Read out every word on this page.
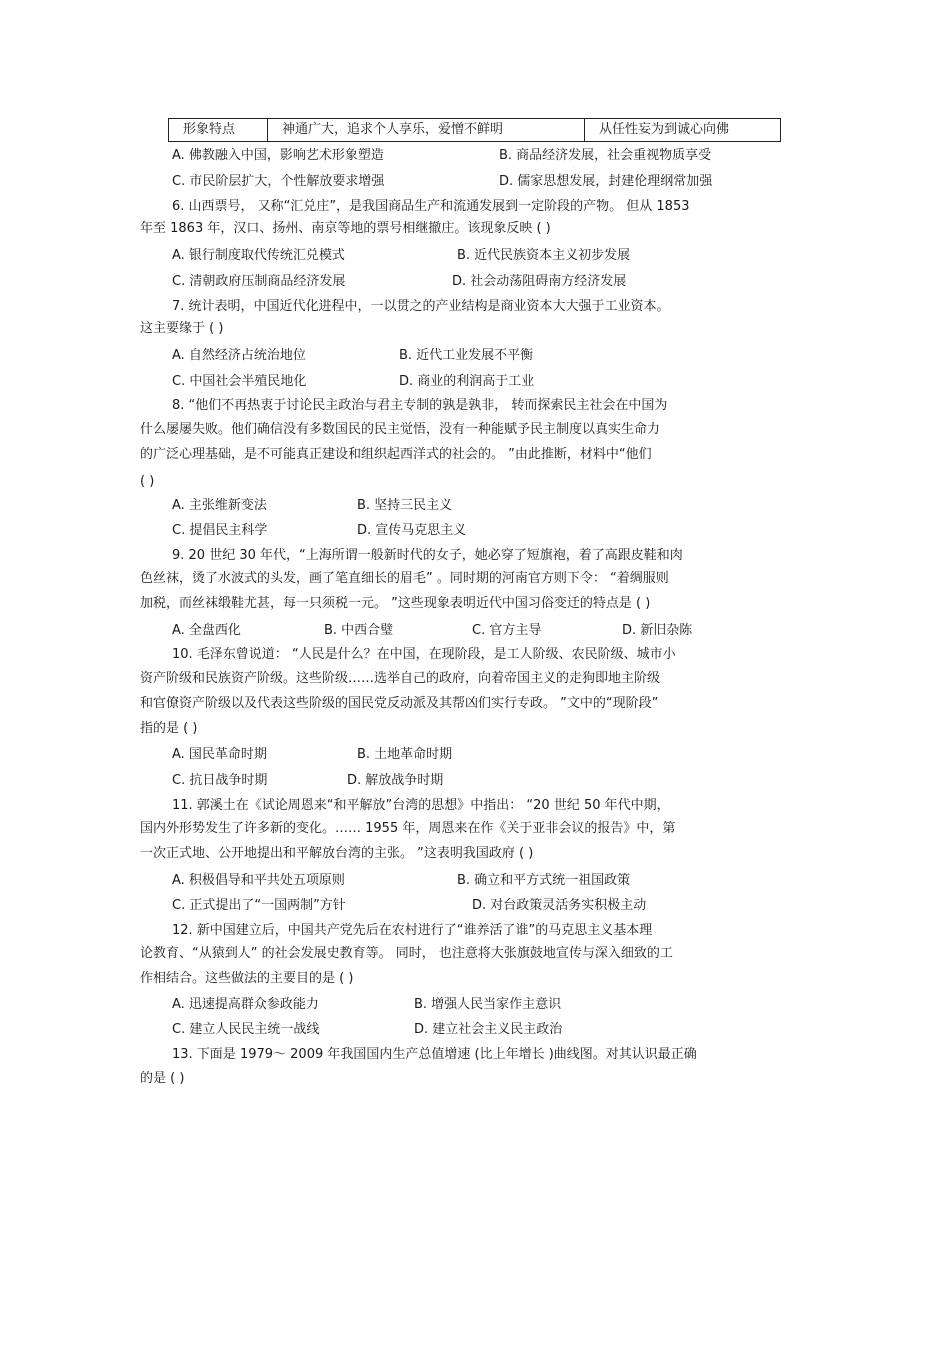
形象特点	神通广大，追求个人享乐，爱憎不鲜明	从任性妄为到诚心向佛
A. 佛教融入中国，影响艺术形象塑造	B. 商品经济发展，社会重视物质享受
C. 市民阶层扩大，个性解放要求增强	D. 儒家思想发展，封建伦理纲常加强
6. 山西票号， 又称“汇兑庄”，是我国商品生产和流通发展到一定阶段的产物。 但从 1853
年至 1863 年，汉口、扬州、南京等地的票号相继撤庄。该现象反映 ( )
A. 银行制度取代传统汇兑模式	B. 近代民族资本主义初步发展
C. 清朝政府压制商品经济发展	D. 社会动荡阻碍南方经济发展
7. 统计表明，中国近代化进程中，一以贯之的产业结构是商业资本大大强于工业资本。
这主要缘于 ( )
A. 自然经济占统治地位	B. 近代工业发展不平衡
C. 中国社会半殖民地化	D. 商业的利润高于工业
8. “他们不再热衷于讨论民主政治与君主专制的孰是孰非， 转而探索民主社会在中国为
什么屡屡失败。他们确信没有多数国民的民主觉悟，没有一种能赋予民主制度以真实生命力
的广泛心理基础，是不可能真正建设和组织起西洋式的社会的。 ”由此推断，材料中“他们
( )
A. 主张维新变法	B. 坚持三民主义
C. 提倡民主科学	D. 宣传马克思主义
9. 20 世纪 30 年代，“上海所谓一般新时代的女子，她必穿了短旗袍，着了高跟皮鞋和肉
色丝袜，烫了水波式的头发，画了笔直细长的眉毛” 。同时期的河南官方则下令： “着绸服则
加税，而丝袜缎鞋尤甚，每一只须税一元。 ”这些现象表明近代中国习俗变迁的特点是 ( )
A. 全盘西化	B. 中西合璧	C. 官方主导	D. 新旧杂陈
10. 毛泽东曾说道： “人民是什么？在中国，在现阶段，是工人阶级、农民阶级、城市小
资产阶级和民族资产阶级。这些阶级……选举自己的政府，向着帝国主义的走狗即地主阶级
和官僚资产阶级以及代表这些阶级的国民党反动派及其帮凶们实行专政。 ”文中的“现阶段”
指的是 ( )
A. 国民革命时期	B. 土地革命时期
C. 抗日战争时期	D. 解放战争时期
11. 郭溪土在《试论周恩来“和平解放”台湾的思想》中指出： “20 世纪 50 年代中期，
国内外形势发生了许多新的变化。…… 1955 年，周恩来在作《关于亚非会议的报告》中，第
一次正式地、公开地提出和平解放台湾的主张。 ”这表明我国政府 ( )
A. 积极倡导和平共处五项原则	B. 确立和平方式统一祖国政策
C. 正式提出了“一国两制”方针	D. 对台政策灵活务实积极主动
12. 新中国建立后，中国共产党先后在农村进行了“谁养活了谁”的马克思主义基本理
论教育、“从猿到人” 的社会发展史教育等。 同时， 也注意将大张旗鼓地宣传与深入细致的工
作相结合。这些做法的主要目的是 ( )
A. 迅速提高群众参政能力	B. 增强人民当家作主意识
C. 建立人民民主统一战线	D. 建立社会主义民主政治
13. 下面是 1979～ 2009 年我国国内生产总值增速 (比上年增长 )曲线图。对其认识最正确
的是 ( )
